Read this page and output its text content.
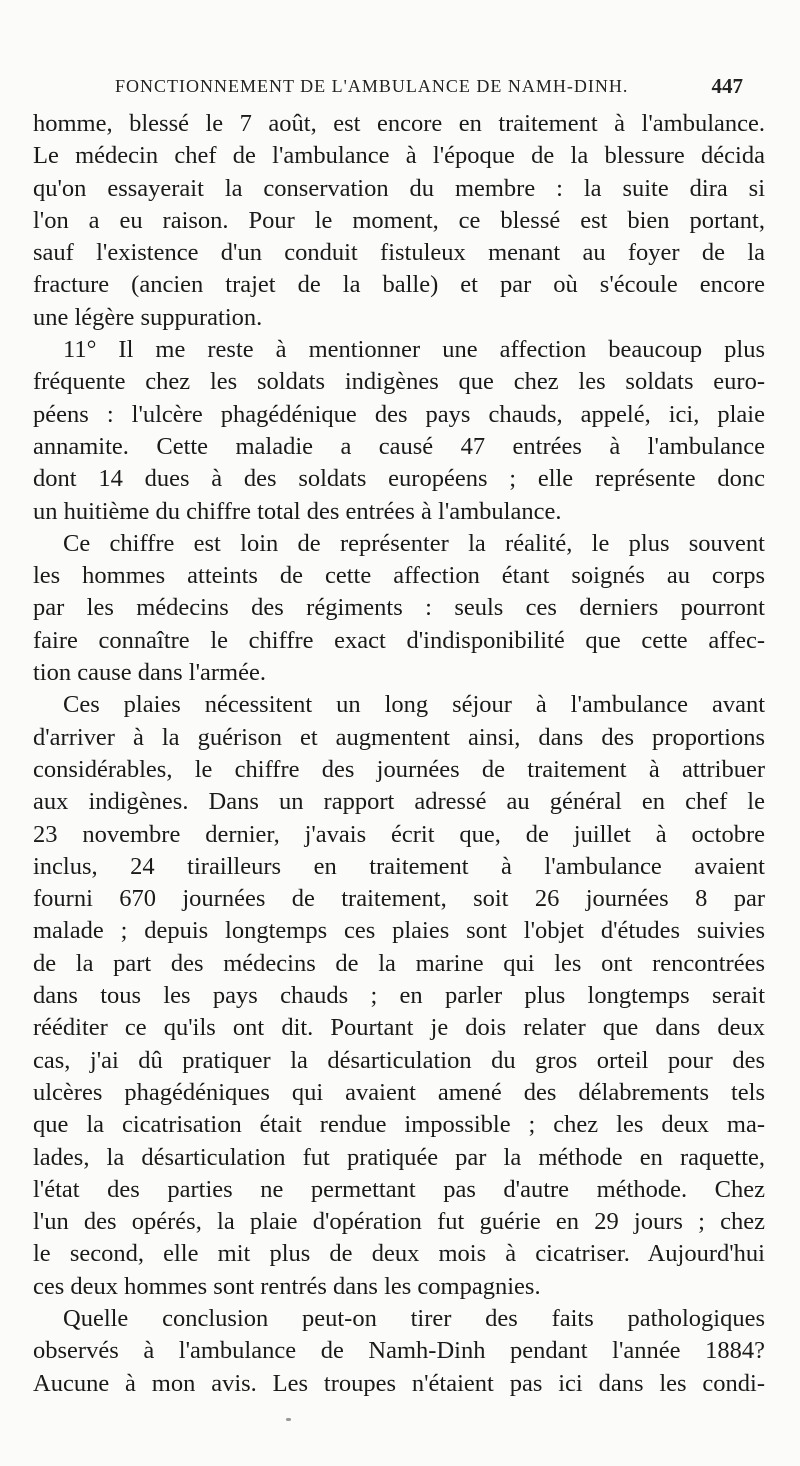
FONCTIONNEMENT DE L'AMBULANCE DE NAMH-DINH.	447
homme, blessé le 7 août, est encore en traitement à l'ambulance.
Le médecin chef de l'ambulance à l'époque de la blessure décida
qu'on essayerait la conservation du membre : la suite dira si
l'on a eu raison. Pour le moment, ce blessé est bien portant,
sauf l'existence d'un conduit fistuleux menant au foyer de la
fracture (ancien trajet de la balle) et par où s'écoule encore
une légère suppuration.
11° Il me reste à mentionner une affection beaucoup plus
fréquente chez les soldats indigènes que chez les soldats euro-
péens : l'ulcère phagédénique des pays chauds, appelé, ici, plaie
annamite. Cette maladie a causé 47 entrées à l'ambulance
dont 14 dues à des soldats européens ; elle représente donc
un huitième du chiffre total des entrées à l'ambulance.
Ce chiffre est loin de représenter la réalité, le plus souvent
les hommes atteints de cette affection étant soignés au corps
par les médecins des régiments : seuls ces derniers pourront
faire connaître le chiffre exact d'indisponibilité que cette affec-
tion cause dans l'armée.
Ces plaies nécessitent un long séjour à l'ambulance avant
d'arriver à la guérison et augmentent ainsi, dans des proportions
considérables, le chiffre des journées de traitement à attribuer
aux indigènes. Dans un rapport adressé au général en chef le
23 novembre dernier, j'avais écrit que, de juillet à octobre
inclus, 24 tirailleurs en traitement à l'ambulance avaient
fourni 670 journées de traitement, soit 26 journées 8 par
malade ; depuis longtemps ces plaies sont l'objet d'études suivies
de la part des médecins de la marine qui les ont rencontrées
dans tous les pays chauds ; en parler plus longtemps serait
rééditer ce qu'ils ont dit. Pourtant je dois relater que dans deux
cas, j'ai dû pratiquer la désarticulation du gros orteil pour des
ulcères phagédéniques qui avaient amené des délabrements tels
que la cicatrisation était rendue impossible ; chez les deux ma-
lades, la désarticulation fut pratiquée par la méthode en raquette,
l'état des parties ne permettant pas d'autre méthode. Chez
l'un des opérés, la plaie d'opération fut guérie en 29 jours ; chez
le second, elle mit plus de deux mois à cicatriser. Aujourd'hui
ces deux hommes sont rentrés dans les compagnies.
Quelle conclusion peut-on tirer des faits pathologiques
observés à l'ambulance de Namh-Dinh pendant l'année 1884?
Aucune à mon avis. Les troupes n'étaient pas ici dans les condi-
